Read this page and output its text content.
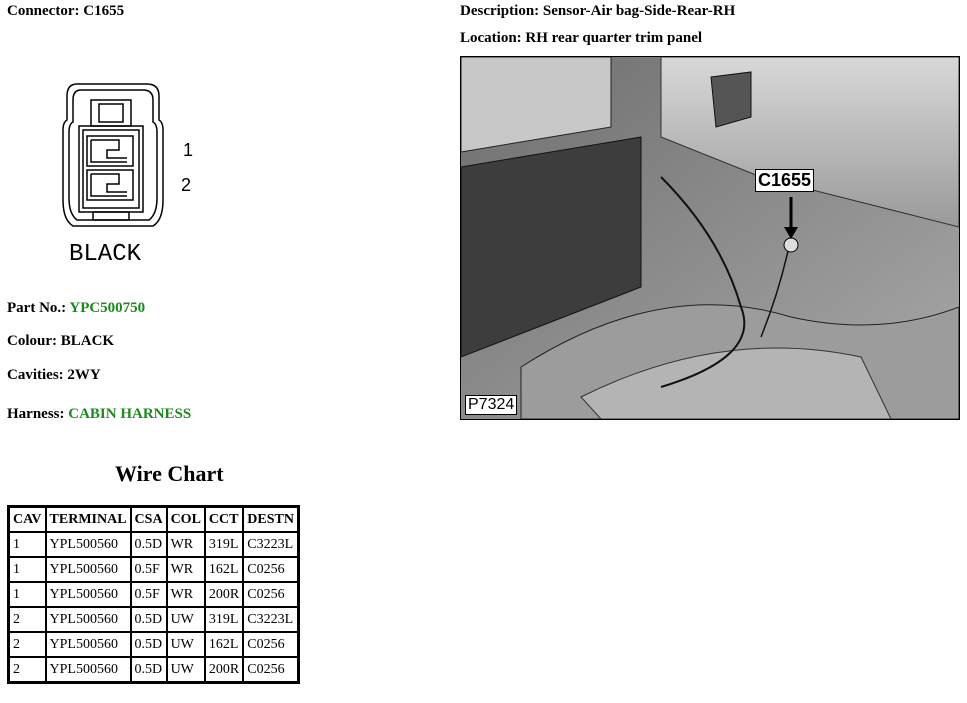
Connector: C1655	Description: Sensor-Air bag-Side-Rear-RH
Location: RH rear quarter trim panel
1
2
BLACK
Part No.: YPC500750
Colour: BLACK
Cavities: 2WY
Harness: CABIN HARNESS
C1655
P7324
Wire Chart
CAV	TERMINAL	CSA	COL	CCT	DESTN
1	YPL500560	0.5D	WR	319L	C3223L
1	YPL500560	0.5F	WR	162L	C0256
1	YPL500560	0.5F	WR	200R	C0256
2	YPL500560	0.5D	UW	319L	C3223L
2	YPL500560	0.5D	UW	162L	C0256
2	YPL500560	0.5D	UW	200R	C0256
